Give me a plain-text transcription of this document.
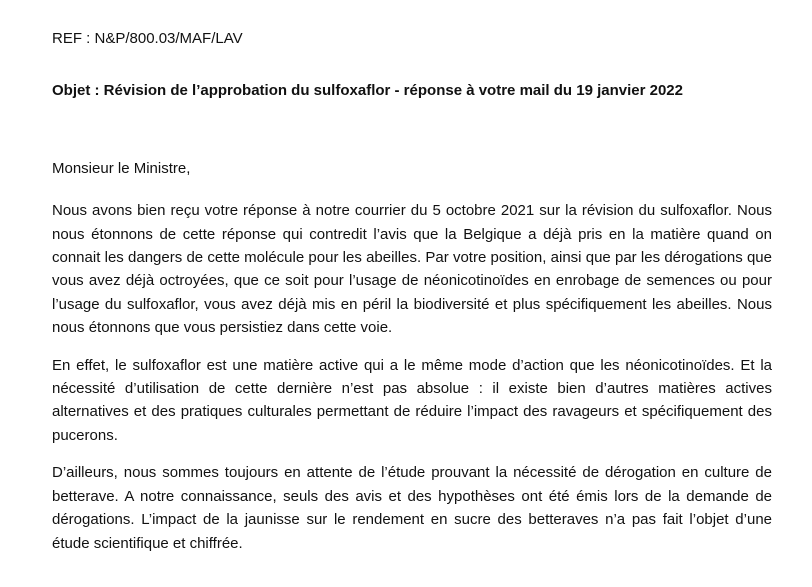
REF : N&P/800.03/MAF/LAV

Objet : Révision de l’approbation du sulfoxaflor - réponse à votre mail du 19 janvier 2022

Monsieur le Ministre,

Nous avons bien reçu votre réponse à notre courrier du 5 octobre 2021 sur la révision du sulfoxaflor. Nous nous étonnons de cette réponse qui contredit l’avis que la Belgique a déjà pris en la matière quand on connait les dangers de cette molécule pour les abeilles. Par votre position, ainsi que par les dérogations que vous avez déjà octroyées, que ce soit pour l’usage de néonicotinoïdes en enrobage de semences ou pour l’usage du sulfoxaflor, vous avez déjà mis en péril la biodiversité et plus spécifiquement les abeilles. Nous nous étonnons que vous persistiez dans cette voie.

En effet, le sulfoxaflor est une matière active qui a le même mode d’action que les néonicotinoïdes. Et la nécessité d’utilisation de cette dernière n’est pas absolue : il existe bien d’autres matières actives alternatives et des pratiques culturales permettant de réduire l’impact des ravageurs et spécifiquement des pucerons.

D’ailleurs, nous sommes toujours en attente de l’étude prouvant la nécessité de dérogation en culture de betterave. A notre connaissance, seuls des avis et des hypothèses ont été émis lors de la demande de dérogations. L’impact de la jaunisse sur le rendement en sucre des betteraves n’a pas fait l’objet d’une étude scientifique et chiffrée.
